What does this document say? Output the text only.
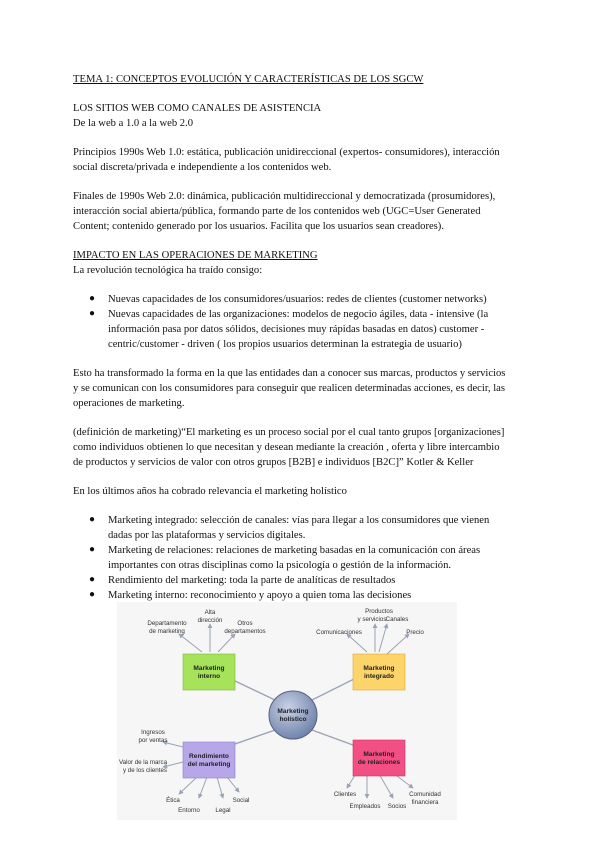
TEMA 1: CONCEPTOS EVOLUCIÓN Y CARACTERÍSTICAS DE LOS SGCW
LOS SITIOS WEB COMO CANALES DE ASISTENCIA
De la web a 1.0 a la web 2.0
Principios 1990s Web 1.0: estática, publicación unidireccional (expertos- consumidores), interacción
social discreta/privada e independiente a los contenidos web.
Finales de 1990s Web 2.0: dinámica, publicación multidireccional y democratizada (prosumidores),
interacción social abierta/pública, formando parte de los contenidos web (UGC=User Generated
Content; contenido generado por los usuarios. Facilita que los usuarios sean creadores).
IMPACTO EN LAS OPERACIONES DE MARKETING
La revolución tecnológica ha traído consigo:
● Nuevas capacidades de los consumidores/usuarios: redes de clientes (customer networks)
● Nuevas capacidades de las organizaciones: modelos de negocio ágiles, data - intensive (la
información pasa por datos sólidos, decisiones muy rápidas basadas en datos) customer -
centric/customer - driven ( los propios usuarios determinan la estrategia de usuario)
Esto ha transformado la forma en la que las entidades dan a conocer sus marcas, productos y servicios
y se comunican con los consumidores para conseguir que realicen determinadas acciones, es decir, las
operaciones de marketing.
(definición de marketing)“El marketing es un proceso social por el cual tanto grupos [organizaciones]
como individuos obtienen lo que necesitan y desean mediante la creación , oferta y libre intercambio
de productos y servicios de valor con otros grupos [B2B] e individuos [B2C]” Kotler & Keller
En los últimos años ha cobrado relevancia el marketing holístico
● Marketing integrado: selección de canales: vías para llegar a los consumidores que vienen
dadas por las plataformas y servicios digitales.
● Marketing de relaciones: relaciones de marketing basadas en la comunicación con áreas
importantes con otras disciplinas como la psicología o gestión de la información.
● Rendimiento del marketing: toda la parte de analíticas de resultados
● Marketing interno: reconocimiento y apoyo a quien toma las decisiones
Marketing
holístico
Marketing
interno
Marketing
integrado
Rendimiento
del marketing
Marketing
de relaciones
Departamento
de marketing
Alta
dirección Otros
departamentos
Productos
y servicios
Comunicaciones
Canales
Precio
Ingresos
por ventas
Valor de la marca
y de los clientes
Ética
Entorno	Legal
Social
Clientes
Empleados Socios
Comunidad
financiera
